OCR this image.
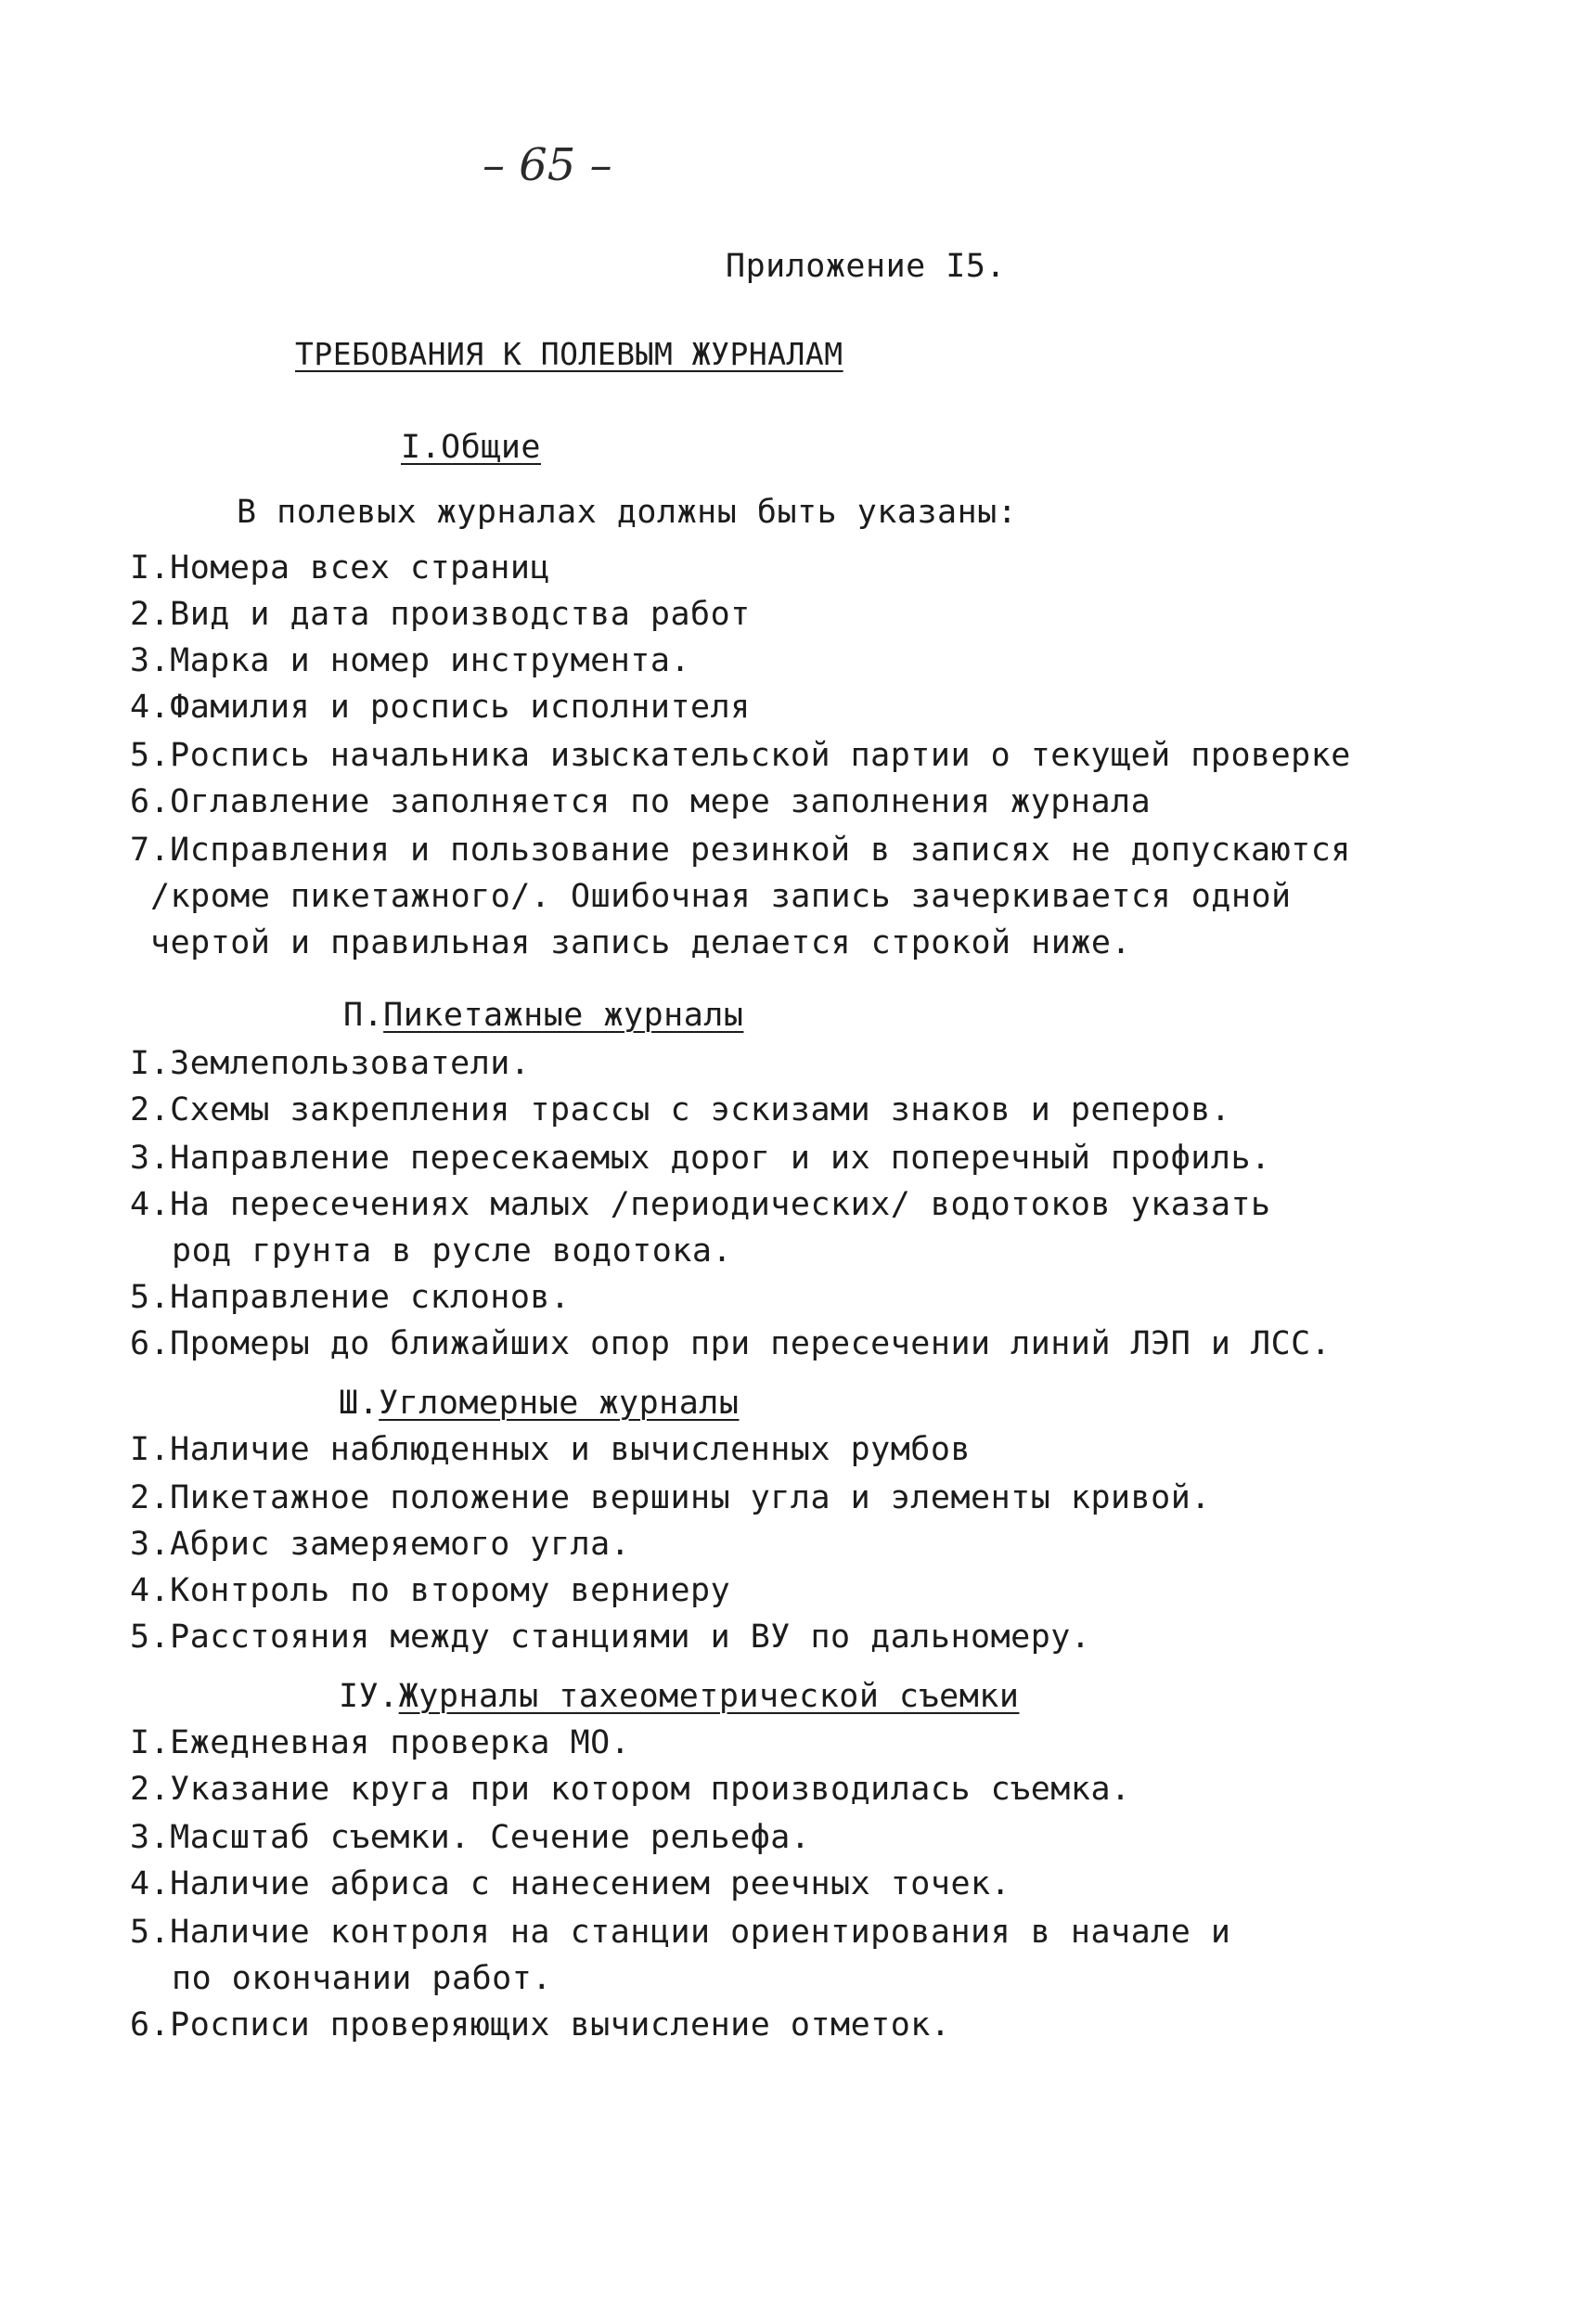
– 65 –
Приложение I5.
ТРЕБОВАНИЯ К ПОЛЕВЫМ ЖУРНАЛАМ
I.Общие
В полевых журналах должны быть указаны:
I.Номера всех страниц
2.Вид и дата производства работ
3.Марка и номер инструмента.
4.Фамилия и роспись исполнителя
5.Роспись начальника изыскательской партии о текущей проверке
6.Оглавление заполняется по мере заполнения журнала
7.Исправления и пользование резинкой в записях не допускаются
/кроме пикетажного/. Ошибочная запись зачеркивается одной
чертой и правильная запись делается строкой ниже.
П.Пикетажные журналы
I.Землепользователи.
2.Схемы закрепления трассы с эскизами знаков и реперов.
3.Направление пересекаемых дорог и их поперечный профиль.
4.На пересечениях малых /периодических/ водотоков указать
род грунта в русле водотока.
5.Направление склонов.
6.Промеры до ближайших опор при пересечении линий ЛЭП и ЛСС.
Ш.Угломерные журналы
I.Наличие наблюденных и вычисленных румбов
2.Пикетажное положение вершины угла и элементы кривой.
3.Абрис замеряемого угла.
4.Контроль по второму верниеру
5.Расстояния между станциями и ВУ по дальномеру.
IУ.Журналы тахеометрической съемки
I.Ежедневная проверка МО.
2.Указание круга при котором производилась съемка.
3.Масштаб съемки. Сечение рельефа.
4.Наличие абриса с нанесением реечных точек.
5.Наличие контроля на станции ориентирования в начале и
по окончании работ.
6.Росписи проверяющих вычисление отметок.
